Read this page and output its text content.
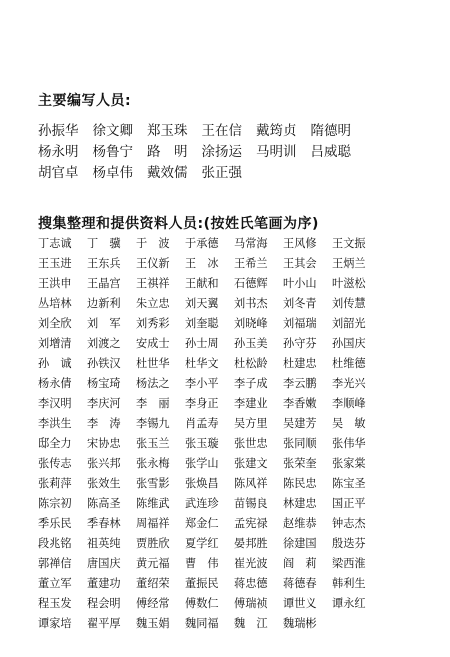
主要编写人员:
孙振华 徐文卿 郑玉珠 王在信 戴筠贞 隋德明
杨永明 杨鲁宁 路　明 涂扬运 马明训 吕威聪
胡官卓 杨卓伟 戴效儒 张正强
搜集整理和提供资料人员:(按姓氏笔画为序)
丁志诚	丁　骥	于　波	于承德	马常海	王风修	王文振
王玉进	王东兵	王仪新	王　冰	王希兰	王其会	王炳兰
王洪申	王晶宫	王祺祥	王献和	石德辉	叶小山	叶滋松
丛培林	边新利	朱立忠	刘天翼	刘书杰	刘冬青	刘传慧
刘全欣	刘　军	刘秀彩	刘奎聪	刘晓峰	刘福瑞	刘韶光
刘增清	刘渡之	安成士	孙士周	孙玉美	孙守芬	孙国庆
孙　诚	孙铁汉	杜世华	杜华文	杜松龄	杜建忠	杜维德
杨永倩	杨宝琦	杨法之	李小平	李子成	李云鹏	李光兴
李汉明	李庆河	李　丽	李身正	李建业	李香嫩	李顺峰
李洪生	李　涛	李锡九	肖孟寿	吴方里	吴建芳	吴　敏
邸全力	宋协忠	张玉兰	张玉璇	张世忠	张同顺	张伟华
张传志	张兴邦	张永梅	张学山	张建文	张荣奎	张家棠
张莉萍	张效生	张雪影	张焕昌	陈风祥	陈民忠	陈宝圣
陈宗初	陈高圣	陈维武	武连珍	苗锡良	林建忠	国正平
季乐民	季春林	周福祥	郑金仁	孟宪禄	赵维恭	钟志杰
段兆铭	祖英纯	贾胜欣	夏学红	晏邦胜	徐建国	殷迭芬
郭禅信	唐国庆	黄元福	曹　伟	崔光波	阎　莉	梁西淮
董立军	董建功	董绍荣	董振民	蒋忠德	蒋德春	韩利生
程玉发	程会明	傅经常	傅数仁	傅瑞祯	谭世义	谭永红
谭家培	翟平厚	魏玉娟	魏同福	魏　江	魏瑞彬
